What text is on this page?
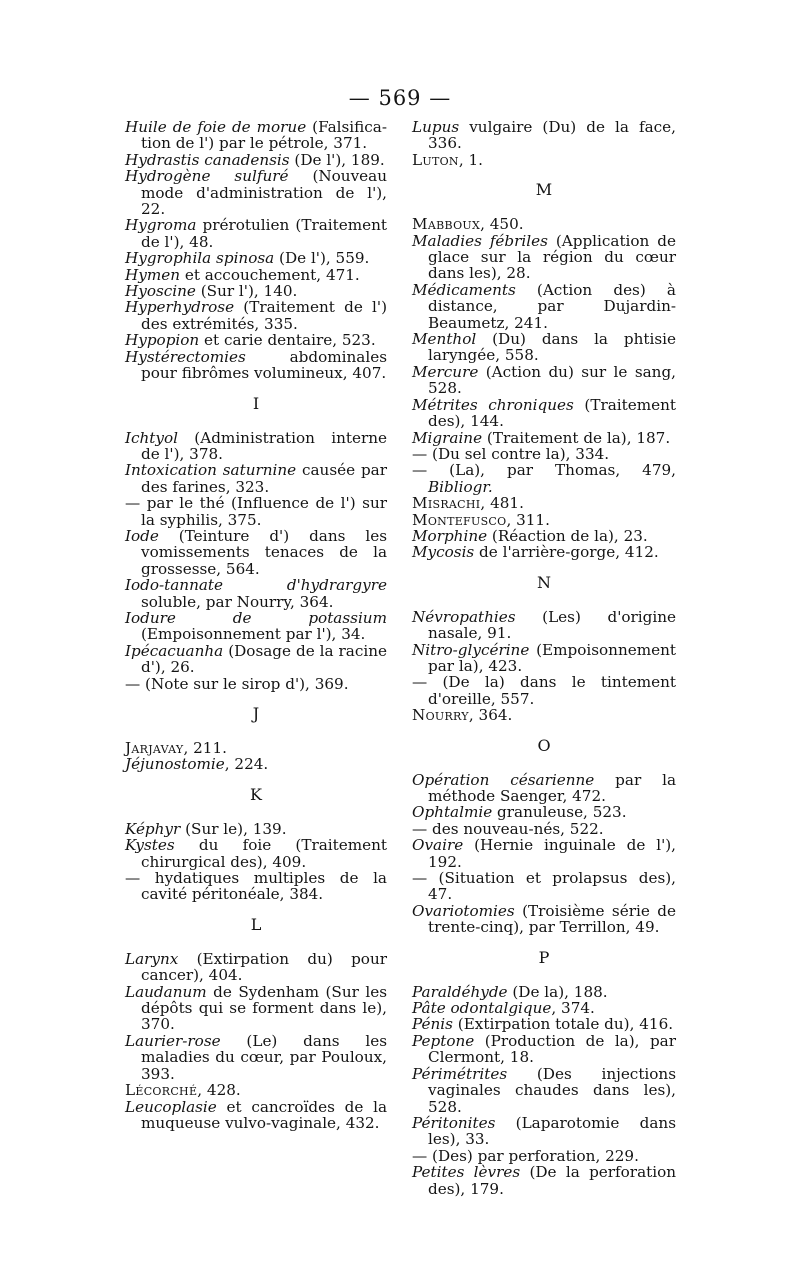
— 569 —
Huile de foie de morue (Falsifica- tion de l') par le pétrole, 371.
Hydrastis canadensis (De l'), 189.
Hydrogène sulfuré (Nouveau mode d'administration de l'), 22.
Hygroma prérotulien (Traitement de l'), 48.
Hygrophila spinosa (De l'), 559.
Hymen et accouchement, 471.
Hyoscine (Sur l'), 140.
Hyperhydrose (Traitement de l') des extrémités, 335.
Hypopion et carie dentaire, 523.
Hystérectomies abdominales pour fibrômes volumineux, 407.
I
Ichtyol (Administration interne de l'), 378.
Intoxication saturnine causée par des farines, 323.
— par le thé (Influence de l') sur la syphilis, 375.
Iode (Teinture d') dans les vomissements tenaces de la grossesse, 564.
Iodo-tannate d'hydrargyre soluble, par Nourry, 364.
Iodure de potassium (Empoisonnement par l'), 34.
Ipécacuanha (Dosage de la racine d'), 26.
— (Note sur le sirop d'), 369.
J
Jarjavay, 211.
Jéjunostomie, 224.
K
Képhyr (Sur le), 139.
Kystes du foie (Traitement chirurgical des), 409.
— hydatiques multiples de la cavité péritonéale, 384.
L
Larynx (Extirpation du) pour cancer), 404.
Laudanum de Sydenham (Sur les dépôts qui se forment dans le), 370.
Laurier-rose (Le) dans les maladies du cœur, par Pouloux, 393.
Lécorché, 428.
Leucoplasie et cancroïdes de la muqueuse vulvo-vaginale, 432.
Lupus vulgaire (Du) de la face, 336.
Luton, 1.
M
Mabboux, 450.
Maladies fébriles (Application de glace sur la région du cœur dans les), 28.
Médicaments (Action des) à distance, par Dujardin-Beaumetz, 241.
Menthol (Du) dans la phtisie laryngée, 558.
Mercure (Action du) sur le sang, 528.
Métrites chroniques (Traitement des), 144.
Migraine (Traitement de la), 187.
— (Du sel contre la), 334.
— (La), par Thomas, 479, Bibliogr.
Misrachi, 481.
Montefusco, 311.
Morphine (Réaction de la), 23.
Mycosis de l'arrière-gorge, 412.
N
Névropathies (Les) d'origine nasale, 91.
Nitro-glycérine (Empoisonnement par la), 423.
— (De la) dans le tintement d'oreille, 557.
Nourry, 364.
O
Opération césarienne par la méthode Saenger, 472.
Ophtalmie granuleuse, 523.
— des nouveau-nés, 522.
Ovaire (Hernie inguinale de l'), 192.
— (Situation et prolapsus des), 47.
Ovariotomies (Troisième série de trente-cinq), par Terrillon, 49.
P
Paraldéhyde (De la), 188.
Pâte odontalgique, 374.
Pénis (Extirpation totale du), 416.
Peptone (Production de la), par Clermont, 18.
Périmétrites (Des injections vaginales chaudes dans les), 528.
Péritonites (Laparotomie dans les), 33.
— (Des) par perforation, 229.
Petites lèvres (De la perforation des), 179.
